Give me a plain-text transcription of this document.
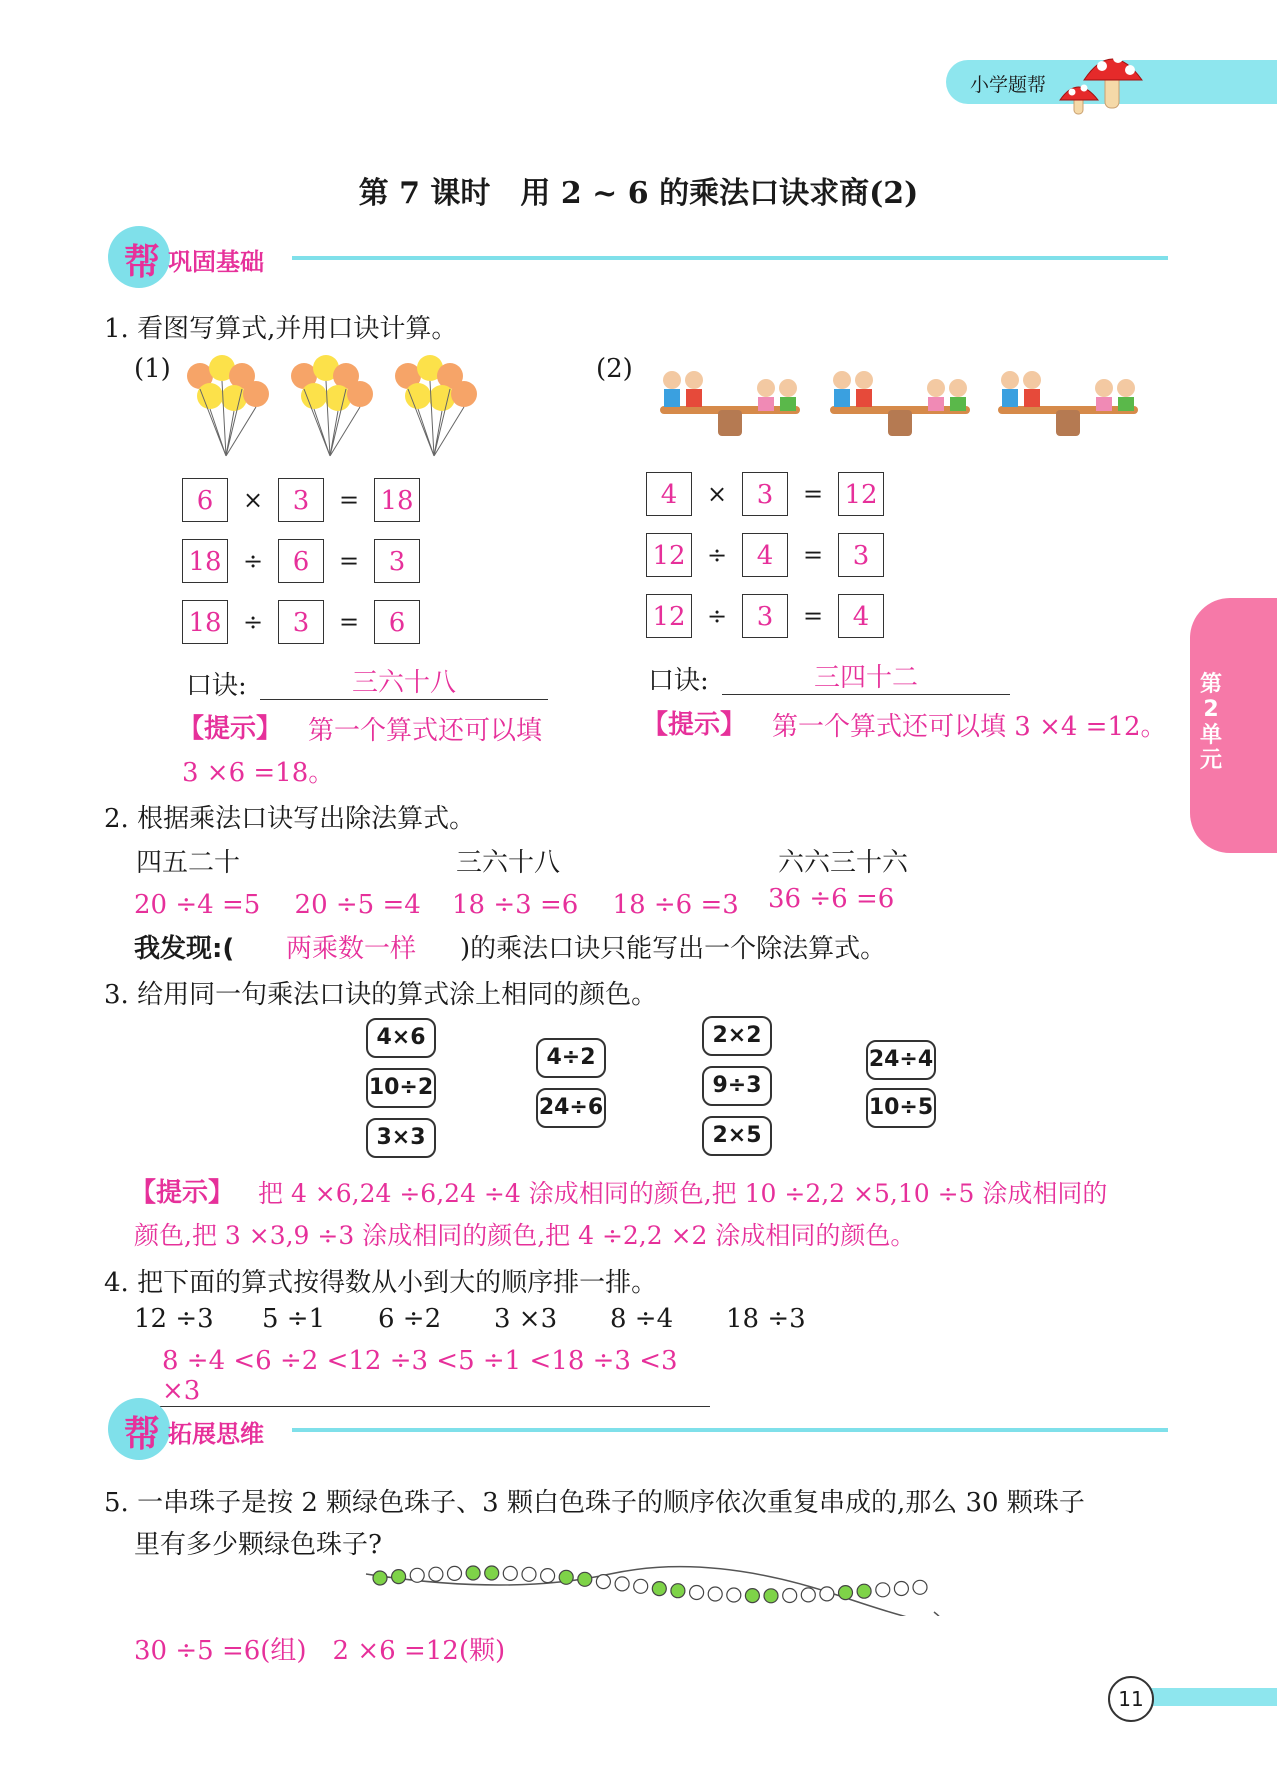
小学题帮
第 7 课时　用 2 ~ 6 的乘法口诀求商(2)
第2单元
帮 巩固基础
1. 看图写算式,并用口诀计算。
(1)	(2)
6	×	3	= 18
18 ÷	6	=	3
18 ÷	3	=	6
4	×	3	= 12
12 ÷	4	=	3
12 ÷	3	=	4
口诀:	三六十八	口诀:	三四十二
【提示】 第一个算式还可以填
3 ×6 =18。
【提示】 第一个算式还可以填 3 ×4 =12。
2. 根据乘法口诀写出除法算式。
四五二十	三六十八	六六三十六
20 ÷4 =5　 20 ÷5 =4 18 ÷3 =6　 18 ÷6 =3 36 ÷6 =6
我发现:( 两乘数一样 )的乘法口诀只能写出一个除法算式。
3. 给用同一句乘法口诀的算式涂上相同的颜色。
4×6
10÷2
3×3
4÷2
24÷6
2×2
9÷3
2×5
24÷4
10÷5
【提示】 把 4 ×6,24 ÷6,24 ÷4 涂成相同的颜色,把 10 ÷2,2 ×5,10 ÷5 涂成相同的
颜色,把 3 ×3,9 ÷3 涂成相同的颜色,把 4 ÷2,2 ×2 涂成相同的颜色。
4. 把下面的算式按得数从小到大的顺序排一排。
12 ÷3 5 ÷1 6 ÷2 3 ×3 8 ÷4 18 ÷3
8 ÷4 <6 ÷2 <12 ÷3 <5 ÷1 <18 ÷3 <3 ×3
帮 拓展思维
5. 一串珠子是按 2 颗绿色珠子、3 颗白色珠子的顺序依次重复串成的,那么 30 颗珠子
里有多少颗绿色珠子?
30 ÷5 =6(组)　2 ×6 =12(颗)
11
